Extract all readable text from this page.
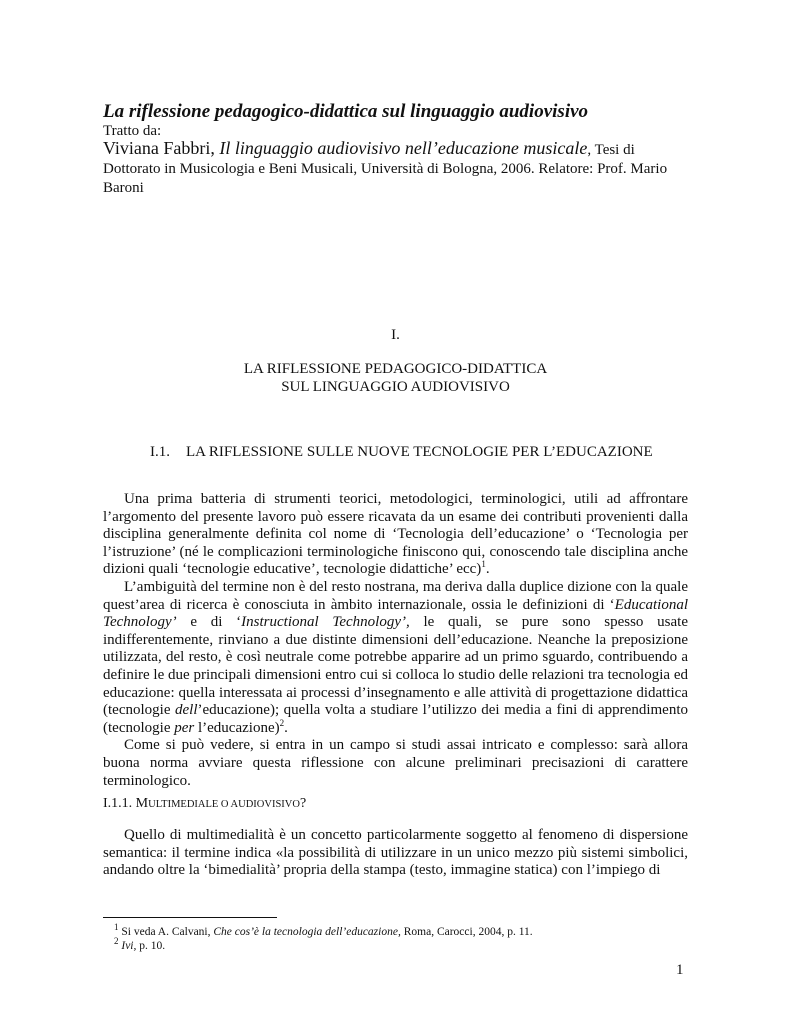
La riflessione pedagogico-didattica sul linguaggio audiovisivo
Tratto da:
Viviana Fabbri, Il linguaggio audiovisivo nell’educazione musicale, Tesi di Dottorato in Musicologia e Beni Musicali, Università di Bologna, 2006. Relatore: Prof. Mario Baroni
I.
LA RIFLESSIONE PEDAGOGICO-DIDATTICA
SUL LINGUAGGIO AUDIOVISIVO
I.1. LA RIFLESSIONE SULLE NUOVE TECNOLOGIE PER L’EDUCAZIONE

Una prima batteria di strumenti teorici, metodologici, terminologici, utili ad affrontare l’argomento del presente lavoro può essere ricavata da un esame dei contributi provenienti dalla disciplina generalmente definita col nome di ‘Tecnologia dell’educazione’ o ‘Tecnologia per l’istruzione’ (né le complicazioni terminologiche finiscono qui, conoscendo tale disciplina anche dizioni quali ‘tecnologie educative’, tecnologie didattiche’ ecc)$^1$.

L’ambiguità del termine non è del resto nostrana, ma deriva dalla duplice dizione con la quale quest’area di ricerca è conosciuta in àmbito internazionale, ossia le definizioni di ‘Educational Technology’ e di ‘Instructional Technology’, le quali, se pure sono spesso usate indifferentemente, rinviano a due distinte dimensioni dell’educazione. Neanche la preposizione utilizzata, del resto, è così neutrale come potrebbe apparire ad un primo sguardo, contribuendo a definire le due principali dimensioni entro cui si colloca lo studio delle relazioni tra tecnologia ed educazione: quella interessata ai processi d’insegnamento e alle attività di progettazione didattica (tecnologie dell’educazione); quella volta a studiare l’utilizzo dei media a fini di apprendimento (tecnologie per l’educazione)$^2$.

Come si può vedere, si entra in un campo si studi assai intricato e complesso: sarà allora buona norma avviare questa riflessione con alcune preliminari precisazioni di carattere terminologico.

I.1.1. MULTIMEDIALE O AUDIOVISIVO?

Quello di multimedialità è un concetto particolarmente soggetto al fenomeno di dispersione semantica: il termine indica «la possibilità di utilizzare in un unico mezzo più sistemi simbolici, andando oltre la ‘bimedialità’ propria della stampa (testo, immagine statica) con l’impiego di

$^1$ Si veda A. Calvani, Che cos’è la tecnologia dell’educazione, Roma, Carocci, 2004, p. 11.
$^2$ Ivi, p. 10.
1
